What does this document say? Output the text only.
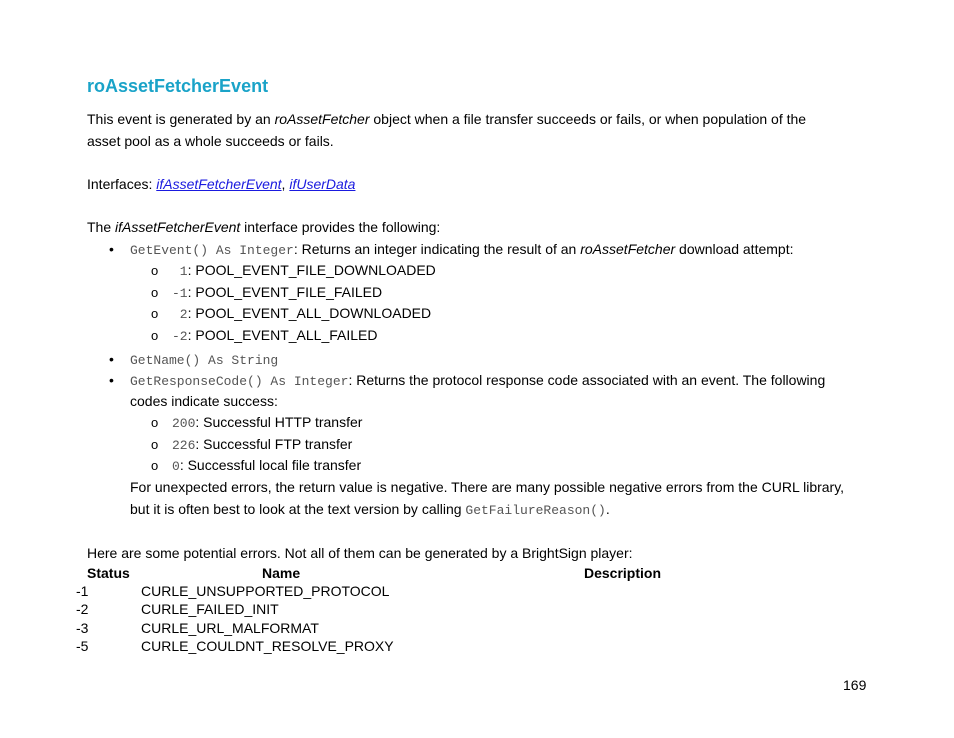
roAssetFetcherEvent
This event is generated by an roAssetFetcher object when a file transfer succeeds or fails, or when population of the
asset pool as a whole succeeds or fails.
Interfaces: ifAssetFetcherEvent, ifUserData
The ifAssetFetcherEvent interface provides the following:
• GetEvent() As Integer: Returns an integer indicating the result of an roAssetFetcher download attempt:
o 1: POOL_EVENT_FILE_DOWNLOADED
o -1: POOL_EVENT_FILE_FAILED
o 2: POOL_EVENT_ALL_DOWNLOADED
o -2: POOL_EVENT_ALL_FAILED
• GetName() As String
• GetResponseCode() As Integer: Returns the protocol response code associated with an event. The following
codes indicate success:
o 200: Successful HTTP transfer
o 226: Successful FTP transfer
o 0: Successful local file transfer
For unexpected errors, the return value is negative. There are many possible negative errors from the CURL library,
but it is often best to look at the text version by calling GetFailureReason().
Here are some potential errors. Not all of them can be generated by a BrightSign player:
Status	Name	Description
-1	CURLE_UNSUPPORTED_PROTOCOL
-2	CURLE_FAILED_INIT
-3	CURLE_URL_MALFORMAT
-5	CURLE_COULDNT_RESOLVE_PROXY
169
